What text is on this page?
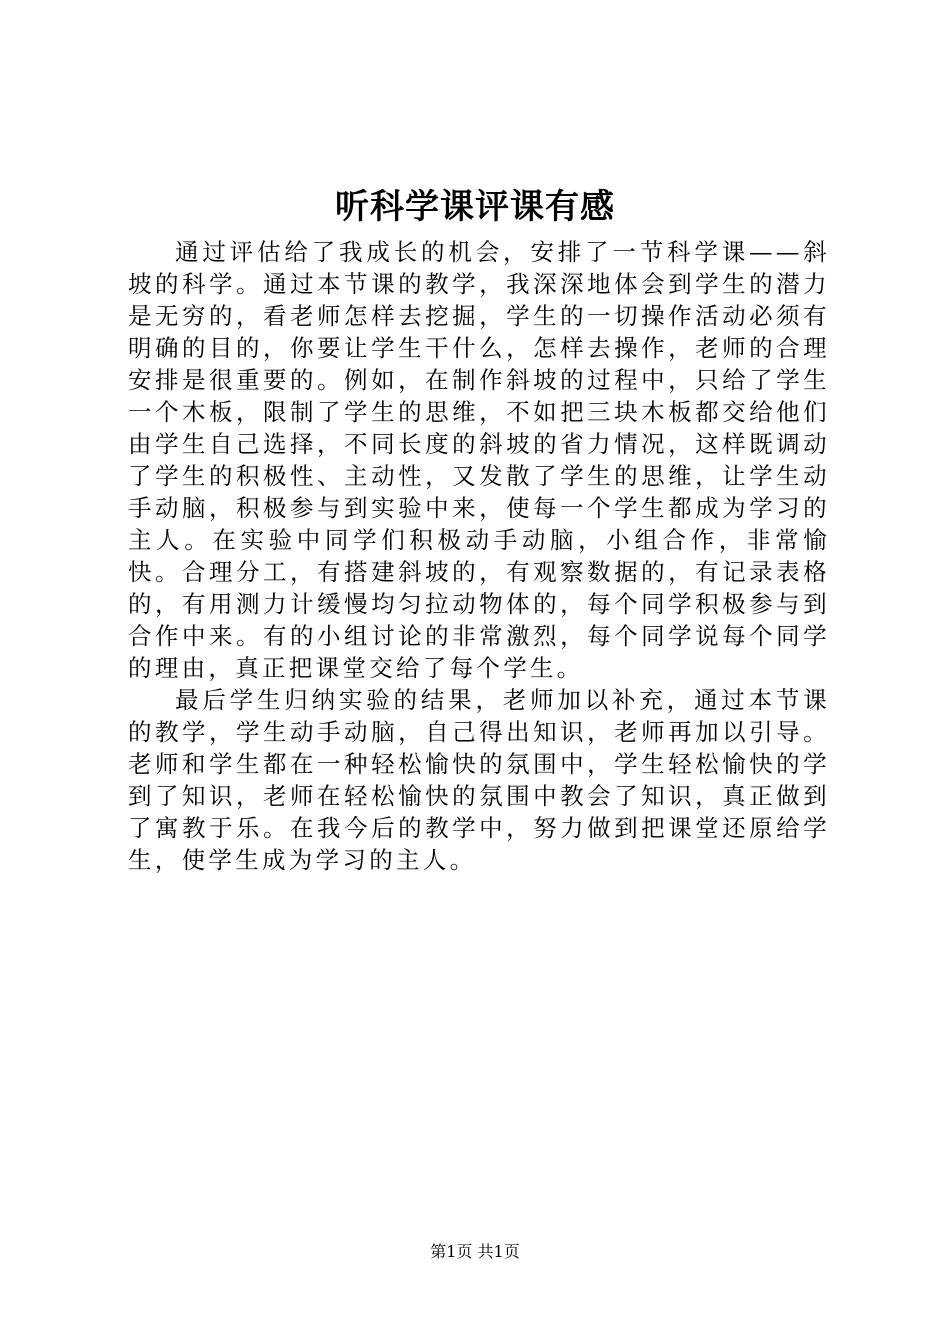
听科学课评课有感

通过评估给了我成长的机会，安排了一节科学课——斜坡的科学。通过本节课的教学，我深深地体会到学生的潜力是无穷的，看老师怎样去挖掘，学生的一切操作活动必须有明确的目的，你要让学生干什么，怎样去操作，老师的合理安排是很重要的。例如，在制作斜坡的过程中，只给了学生一个木板，限制了学生的思维，不如把三块木板都交给他们由学生自己选择，不同长度的斜坡的省力情况，这样既调动了学生的积极性、主动性，又发散了学生的思维，让学生动手动脑，积极参与到实验中来，使每一个学生都成为学习的主人。在实验中同学们积极动手动脑，小组合作，非常愉快。合理分工，有搭建斜坡的，有观察数据的，有记录表格的，有用测力计缓慢均匀拉动物体的，每个同学积极参与到合作中来。有的小组讨论的非常激烈，每个同学说每个同学的理由，真正把课堂交给了每个学生。

最后学生归纳实验的结果，老师加以补充，通过本节课的教学，学生动手动脑，自己得出知识，老师再加以引导。老师和学生都在一种轻松愉快的氛围中，学生轻松愉快的学到了知识，老师在轻松愉快的氛围中教会了知识，真正做到了寓教于乐。在我今后的教学中，努力做到把课堂还原给学生，使学生成为学习的主人。

第1页 共1页
